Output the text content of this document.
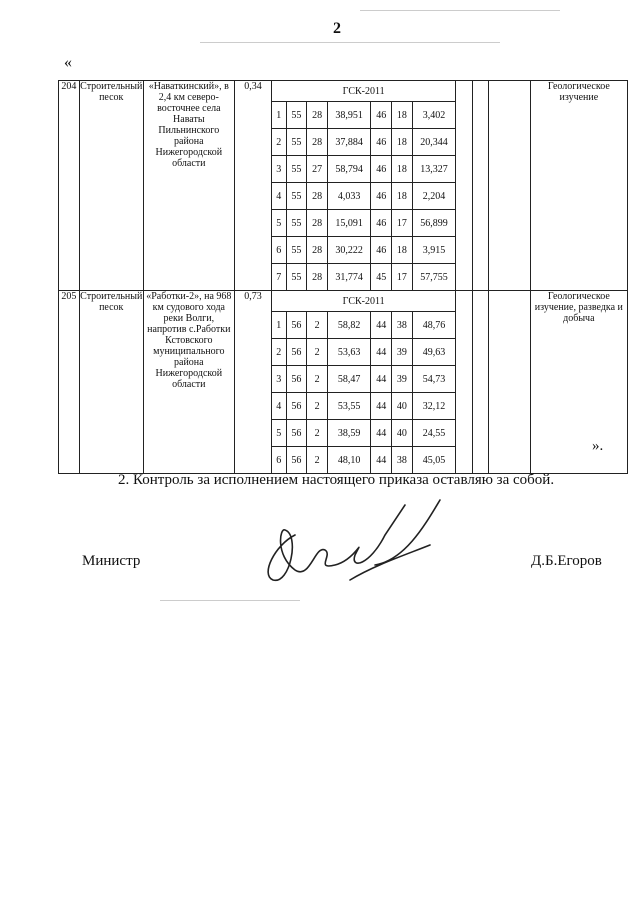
2
«
204	Строительный песок	«Наваткинский», в 2,4 км северо-восточнее села Наваты Пильнинского района Нижегородской области	0,34	ГСК-2011										Геологическое изучение
				1	55	28	38,951	46	18	3,402				
				2	55	28	37,884	46	18	20,344				
				3	55	27	58,794	46	18	13,327				
				4	55	28	4,033	46	18	2,204				
				5	55	28	15,091	46	17	56,899				
				6	55	28	30,222	46	18	3,915				
				7	55	28	31,774	45	17	57,755				
205	Строительный песок	«Работки-2», на 968 км судового хода реки Волги, напротив с.Работки Кстовского муниципального района Нижегородской области	0,73	ГСК-2011										Геологическое изучение, разведка и добыча
				1	56	2	58,82	44	38	48,76				
				2	56	2	53,63	44	39	49,63				
				3	56	2	58,47	44	39	54,73				
				4	56	2	53,55	44	40	32,12				
				5	56	2	38,59	44	40	24,55				
				6	56	2	48,10	44	38	45,05				
».
2. Контроль за исполнением настоящего приказа оставляю за собой.
Министр	Д.Б.Егоров
